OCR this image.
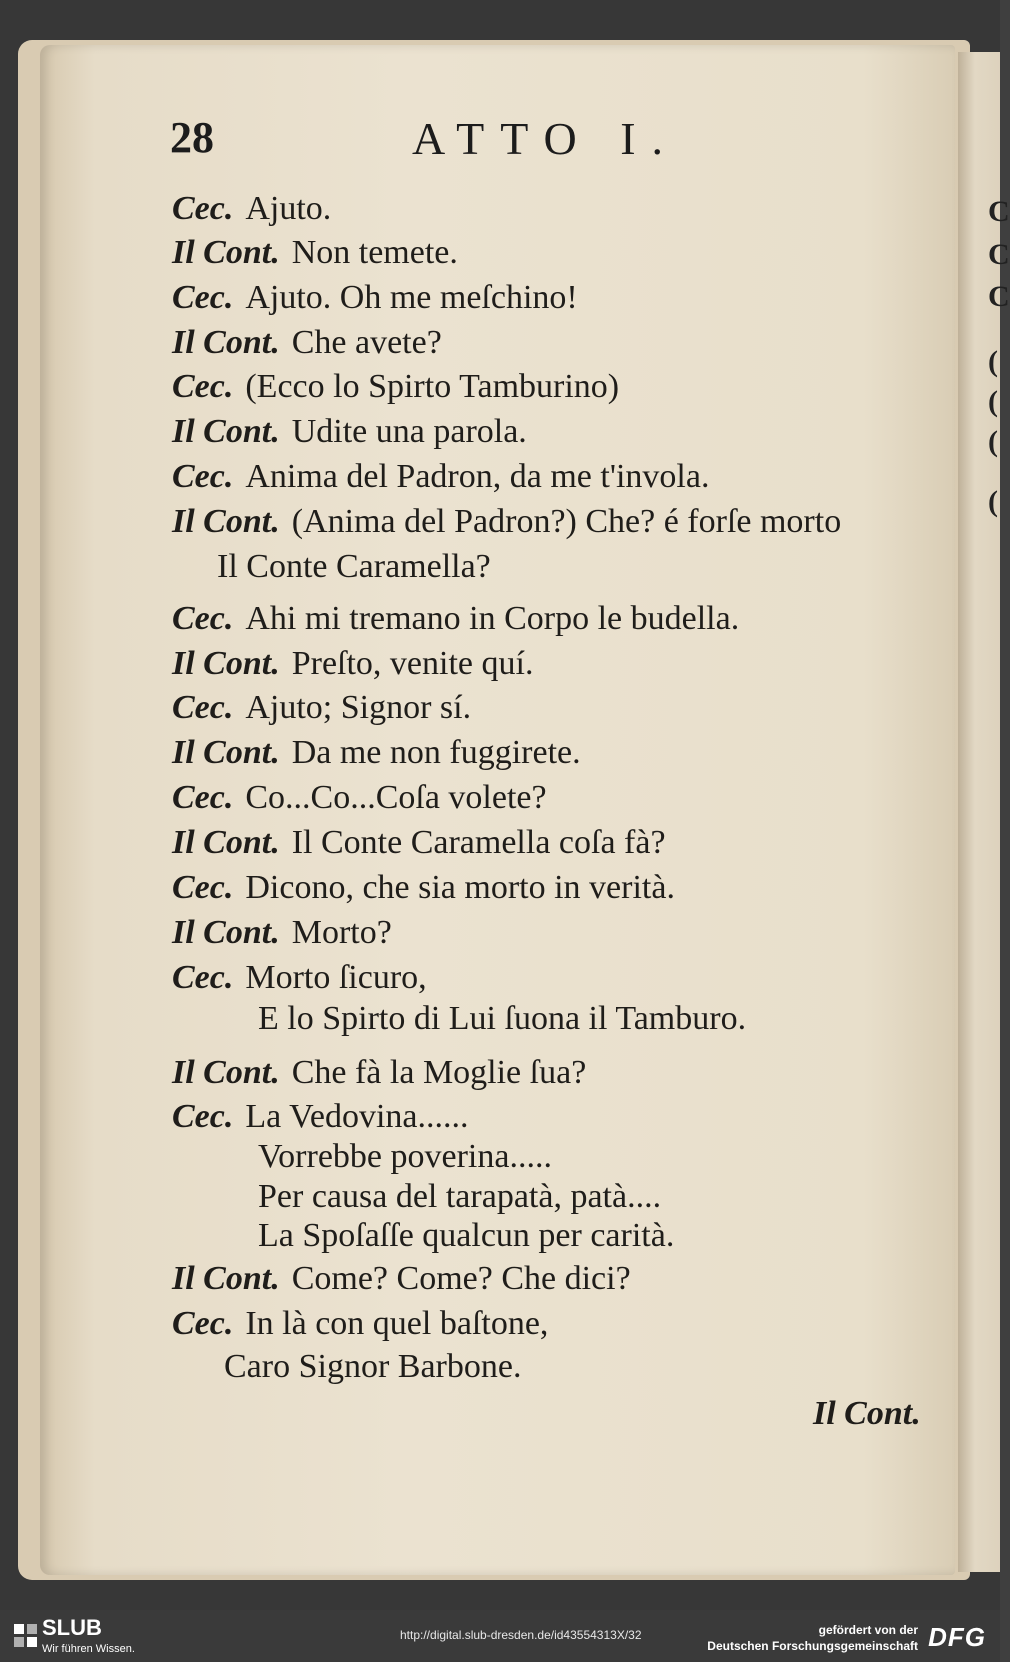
C
C
C
(
(
(
(
28	ATTO I.
Cec. Ajuto.
Il Cont. Non temete.
Cec. Ajuto. Oh me meſchino!
Il Cont. Che avete?
Cec. (Ecco lo Spirto Tamburino)
Il Cont. Udite una parola.
Cec. Anima del Padron, da me t'invola.
Il Cont. (Anima del Padron?) Che? é forſe morto
Il Conte Caramella?
Cec. Ahi mi tremano in Corpo le budella.
Il Cont. Preſto, venite quí.
Cec. Ajuto; Signor sí.
Il Cont. Da me non fuggirete.
Cec. Co...Co...Coſa volete?
Il Cont. Il Conte Caramella coſa fà?
Cec. Dicono, che sia morto in verità.
Il Cont. Morto?
Cec. Morto ſicuro,
E lo Spirto di Lui ſuona il Tamburo.
Il Cont. Che fà la Moglie ſua?
Cec. La Vedovina......
Vorrebbe poverina.....
Per causa del tarapatà, patà....
La Spoſaſſe qualcun per carità.
Il Cont. Come? Come? Che dici?
Cec. In là con quel baſtone,
Caro Signor Barbone.
Il Cont.
SLUB
Wir führen Wissen.
http://digital.slub-dresden.de/id43554313X/32	gefördert von der
Deutschen Forschungsgemeinschaft DFG
